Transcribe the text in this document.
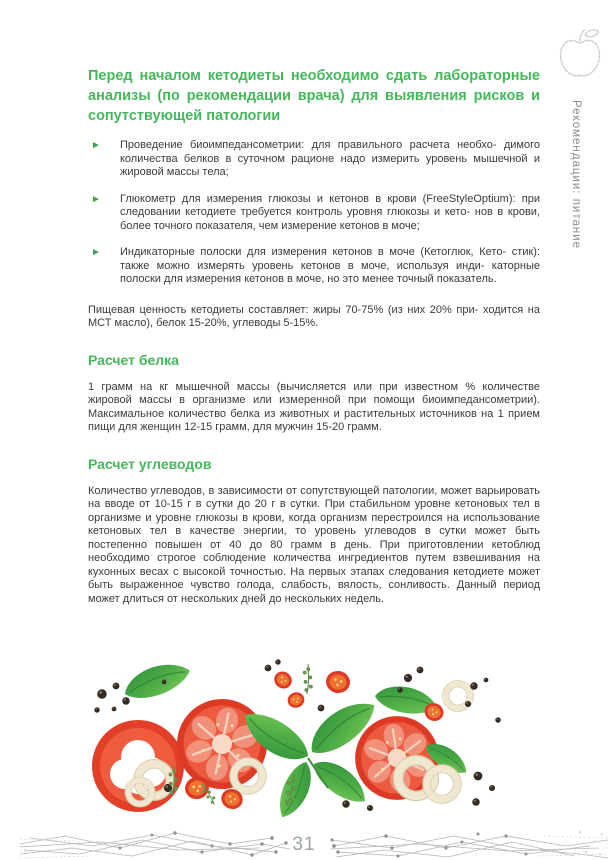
Рекомендации: питание
Перед началом кетодиеты необходимо сдать лабораторные анализы (по рекомендации врача) для выявления рисков и сопутствующей патологии
► Проведение биоимпедансометрии: для правильного расчета необхо- димого количества белков в суточном рационе надо измерить уровень мышечной и жировой массы тела;
► Глюкометр для измерения глюкозы и кетонов в крови (FreeStyleOptium): при следовании кетодиете требуется контроль уровня глюкозы и кето- нов в крови, более точного показателя, чем измерение кетонов в моче;
► Индикаторные полоски для измерения кетонов в моче (Кетоглюк, Кето- стик): также можно измерять уровень кетонов в моче, используя инди- каторные полоски для измерения кетонов в моче, но это менее точный показатель.

Пищевая ценность кетодиеты составляет: жиры 70-75% (из них 20% при- ходится на МСТ масло), белок 15-20%, углеводы 5-15%.

Расчет белка

1 грамм на кг мышечной массы (вычисляется или при известном % количестве жировой массы в организме или измеренной при помощи биоимпедансометрии). Максимальное количество белка из животных и растительных источников на 1 прием пищи для женщин 12-15 грамм, для мужчин 15-20 грамм.

Расчет углеводов

Количество углеводов, в зависимости от сопутствующей патологии, может варьировать на вводе от 10-15 г в сутки до 20 г в сутки. При стабильном уровне кетоновых тел в организме и уровне глюкозы в крови, когда организм перестроился на использование кетоновых тел в качестве энергии, то уровень углеводов в сутки может быть постепенно повышен от 40 до 80 грамм в день. При приготовлении кетоблюд необходимо строгое соблюдение количества ингредиентов путем взвешивания на кухонных весах с высокой точностью. На первых этапах следования кетодиете может быть выраженное чувство голода, слабость, вялость, сонливость. Данный период может длиться от нескольких дней до нескольких недель.

31
